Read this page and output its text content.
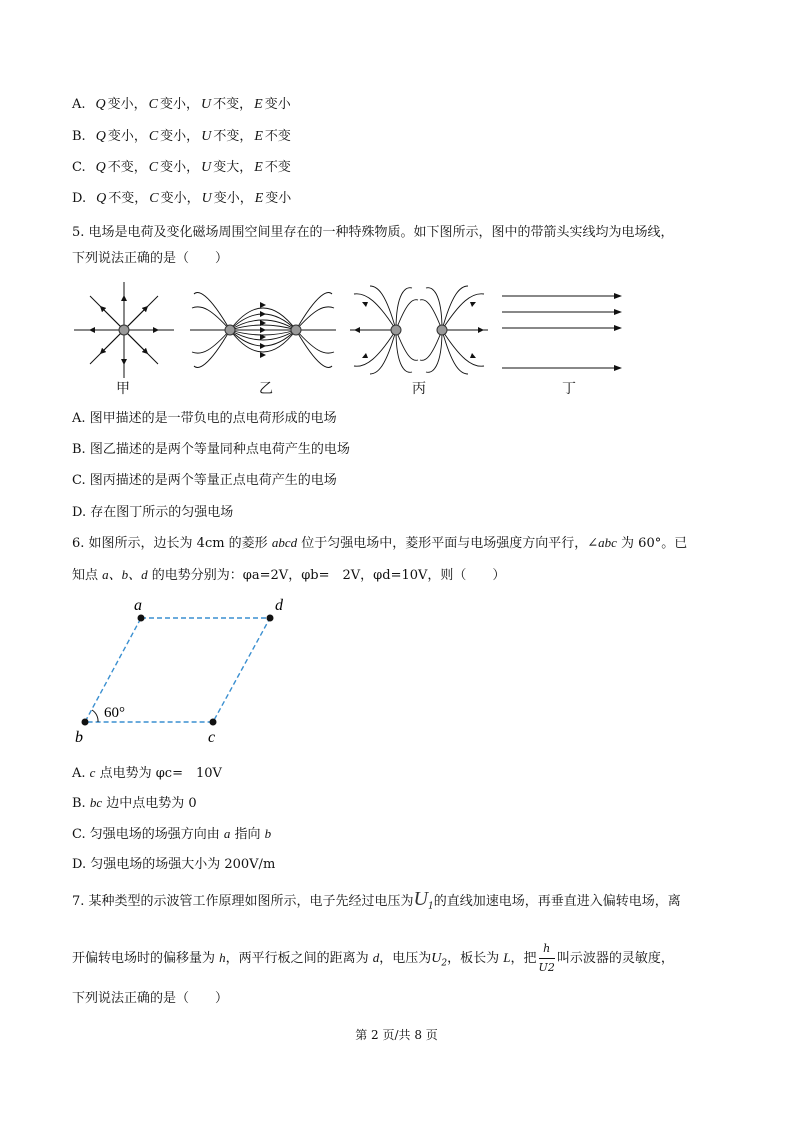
A. Q 变小， C 变小， U 不变， E 变小
B. Q 变小， C 变小， U 不变， E 不变
C. Q 不变， C 变小， U 变大， E 不变
D. Q 不变， C 变小， U 变小， E 变小
5. 电场是电荷及变化磁场周围空间里存在的一种特殊物质。如下图所示，图中的带箭头实线均为电场线，
下列说法正确的是（　　）
甲	乙	丙	丁
A. 图甲描述的是一带负电的点电荷形成的电场
B. 图乙描述的是两个等量同种点电荷产生的电场
C. 图丙描述的是两个等量正点电荷产生的电场
D. 存在图丁所示的匀强电场
6. 如图所示，边长为 4cm 的菱形 abcd 位于匀强电场中，菱形平面与电场强度方向平行，∠abc 为 60°。已
知点 a、b、d 的电势分别为：φa=2V，φb=　2V，φd=10V，则（　　）
a	d
b	c
60°
A. c 点电势为 φc=　10V
B. bc 边中点电势为 0
C. 匀强电场的场强方向由 a 指向 b
D. 匀强电场的场强大小为 200V/m
7. 某种类型的示波管工作原理如图所示，电子先经过电压为$U_1$的直线加速电场，再垂直进入偏转电场，离
开偏转电场时的偏移量为 h，两平行板之间的距离为 d，电压为$U_2$，板长为 L，把 $\frac{h}{U2}$ 叫示波器的灵敏度，
下列说法正确的是（　　）
第 2 页/共 8 页
